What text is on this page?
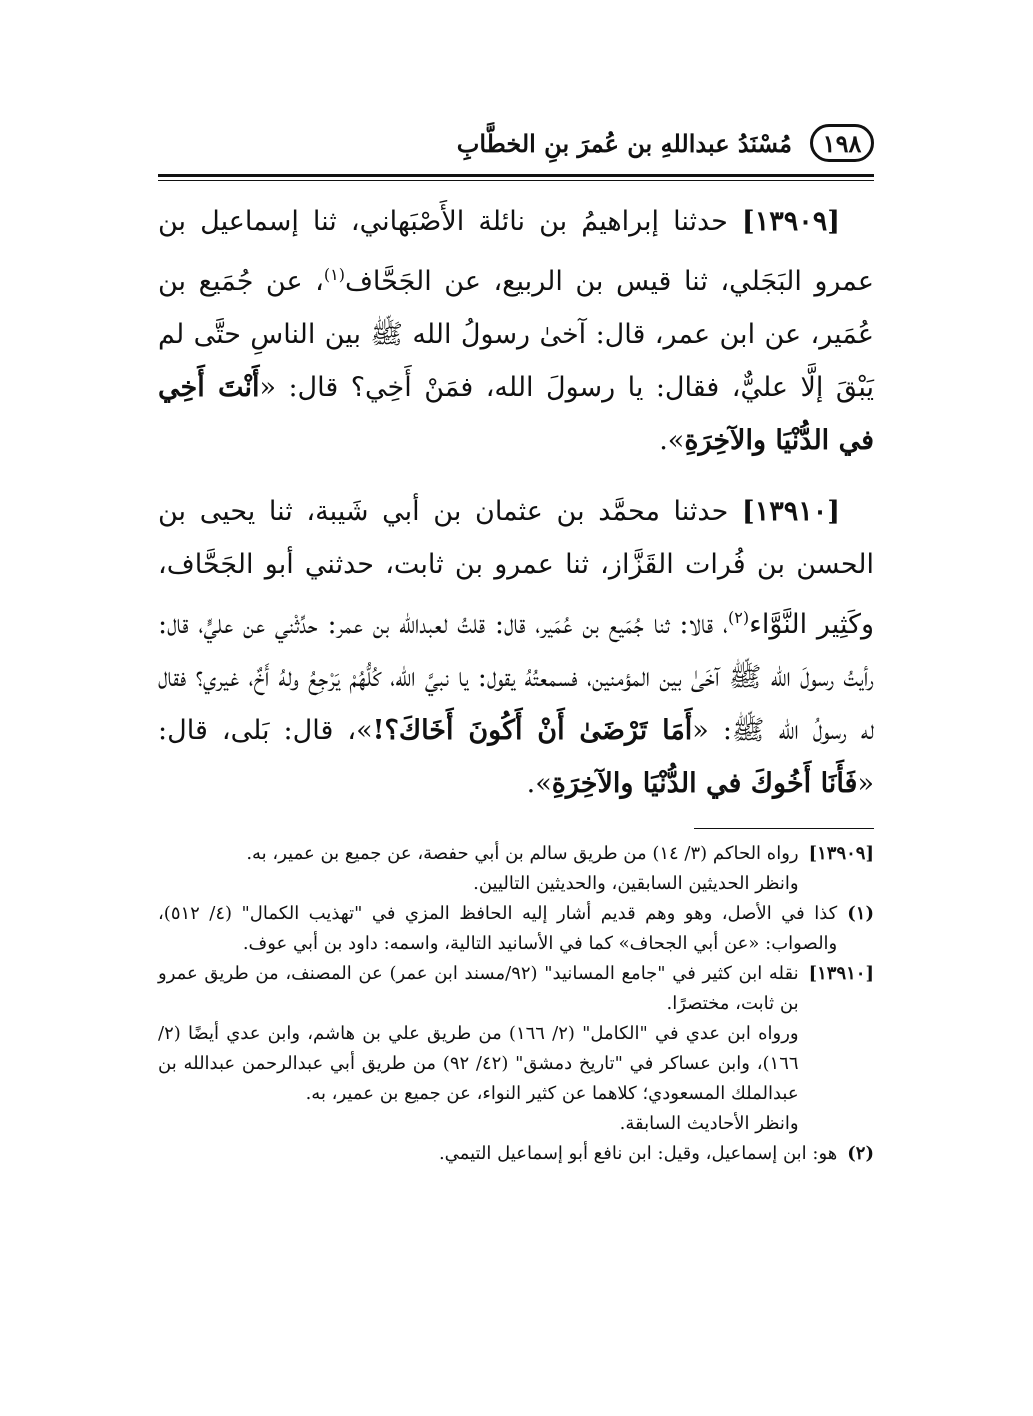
١٩٨
مُسْنَدُ عبداللهِ بن عُمرَ بنِ الخطَّابِ

[١٣٩٠٩] حدثنا إبراهيمُ بن نائلة الأَصْبَهاني، ثنا إسماعيل بن عمرو البَجَلي، ثنا قيس بن الربيع، عن الجَحَّاف$^{(١)}$، عن جُمَيع بن عُمَير، عن ابن عمر، قال: آخىٰ رسولُ الله ﷺ بين الناسِ حتَّى لم يَبْقَ إلَّا عليٌّ، فقال: يا رسولَ الله، فمَنْ أَخِي؟ قال: «أَنْتَ أَخِي في الدُّنْيَا والآخِرَةِ».

[١٣٩١٠] حدثنا محمَّد بن عثمان بن أبي شَيبة، ثنا يحيى بن الحسن بن فُرات القَزَّاز، ثنا عمرو بن ثابت، حدثني أبو الجَحَّاف، وكَثِير النَّوَّاء$^{(٢)}$، قالا: ثنا جُمَيع بن عُمَير، قال: قلتُ لعبدالله بن عمر: حدِّثْني عن عليٍّ، قال: رأيتُ رسولَ الله ﷺ آخَىٰ بين المؤمنين، فسمعتُهُ يقول: يا نبيَّ الله، كُلُّهُمْ يَرْجِعُ ولهُ أَخٌ، غيري؟ فقال له رسولُ الله ﷺ: «أَمَا تَرْضَىٰ أَنْ أَكُونَ أَخَاكَ؟!»، قال: بَلى، قال: «فَأَنَا أَخُوكَ في الدُّنْيَا والآخِرَةِ».

[١٣٩٠٩]
رواه الحاكم (٣/ ١٤) من طريق سالم بن أبي حفصة، عن جميع بن عمير، به.
وانظر الحديثين السابقين، والحديثين التاليين.
(١)
كذا في الأصل، وهو وهم قديم أشار إليه الحافظ المزي في "تهذيب الكمال" (٤/ ٥١٢)، والصواب: «عن أبي الجحاف» كما في الأسانيد التالية، واسمه: داود بن أبي عوف.
[١٣٩١٠]
نقله ابن كثير في "جامع المسانيد" (٩٢/مسند ابن عمر) عن المصنف، من طريق عمرو بن ثابت، مختصرًا.
ورواه ابن عدي في "الكامل" (٢/ ١٦٦) من طريق علي بن هاشم، وابن عدي أيضًا (٢/ ١٦٦)، وابن عساكر في "تاريخ دمشق" (٤٢/ ٩٢) من طريق أبي عبدالرحمن عبدالله بن عبدالملك المسعودي؛ كلاهما عن كثير النواء، عن جميع بن عمير، به.
وانظر الأحاديث السابقة.
(٢)
هو: ابن إسماعيل، وقيل: ابن نافع أبو إسماعيل التيمي.
